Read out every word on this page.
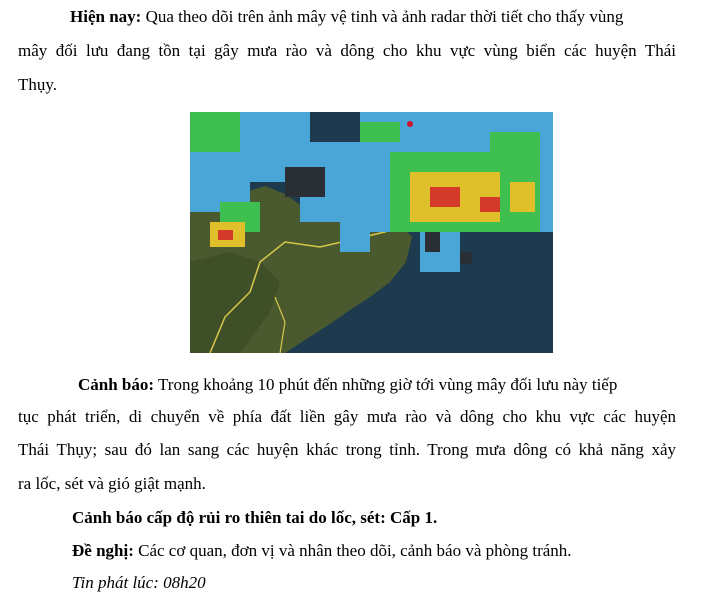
Hiện nay: Qua theo dõi trên ảnh mây vệ tinh và ảnh radar thời tiết cho thấy vùng
mây đối lưu đang tồn tại gây mưa rào và dông cho khu vực vùng biển các huyện Thái
Thụy.
Cảnh báo: Trong khoảng 10 phút đến những giờ tới vùng mây đối lưu này tiếp
tục phát triển, di chuyển về phía đất liền gây mưa rào và dông cho khu vực các huyện
Thái Thụy; sau đó lan sang các huyện khác trong tỉnh. Trong mưa dông có khả năng xảy
ra lốc, sét và gió giật mạnh.
Cảnh báo cấp độ rủi ro thiên tai do lốc, sét: Cấp 1.
Đề nghị: Các cơ quan, đơn vị và nhân theo dõi, cảnh báo và phòng tránh.
Tin phát lúc: 08h20
